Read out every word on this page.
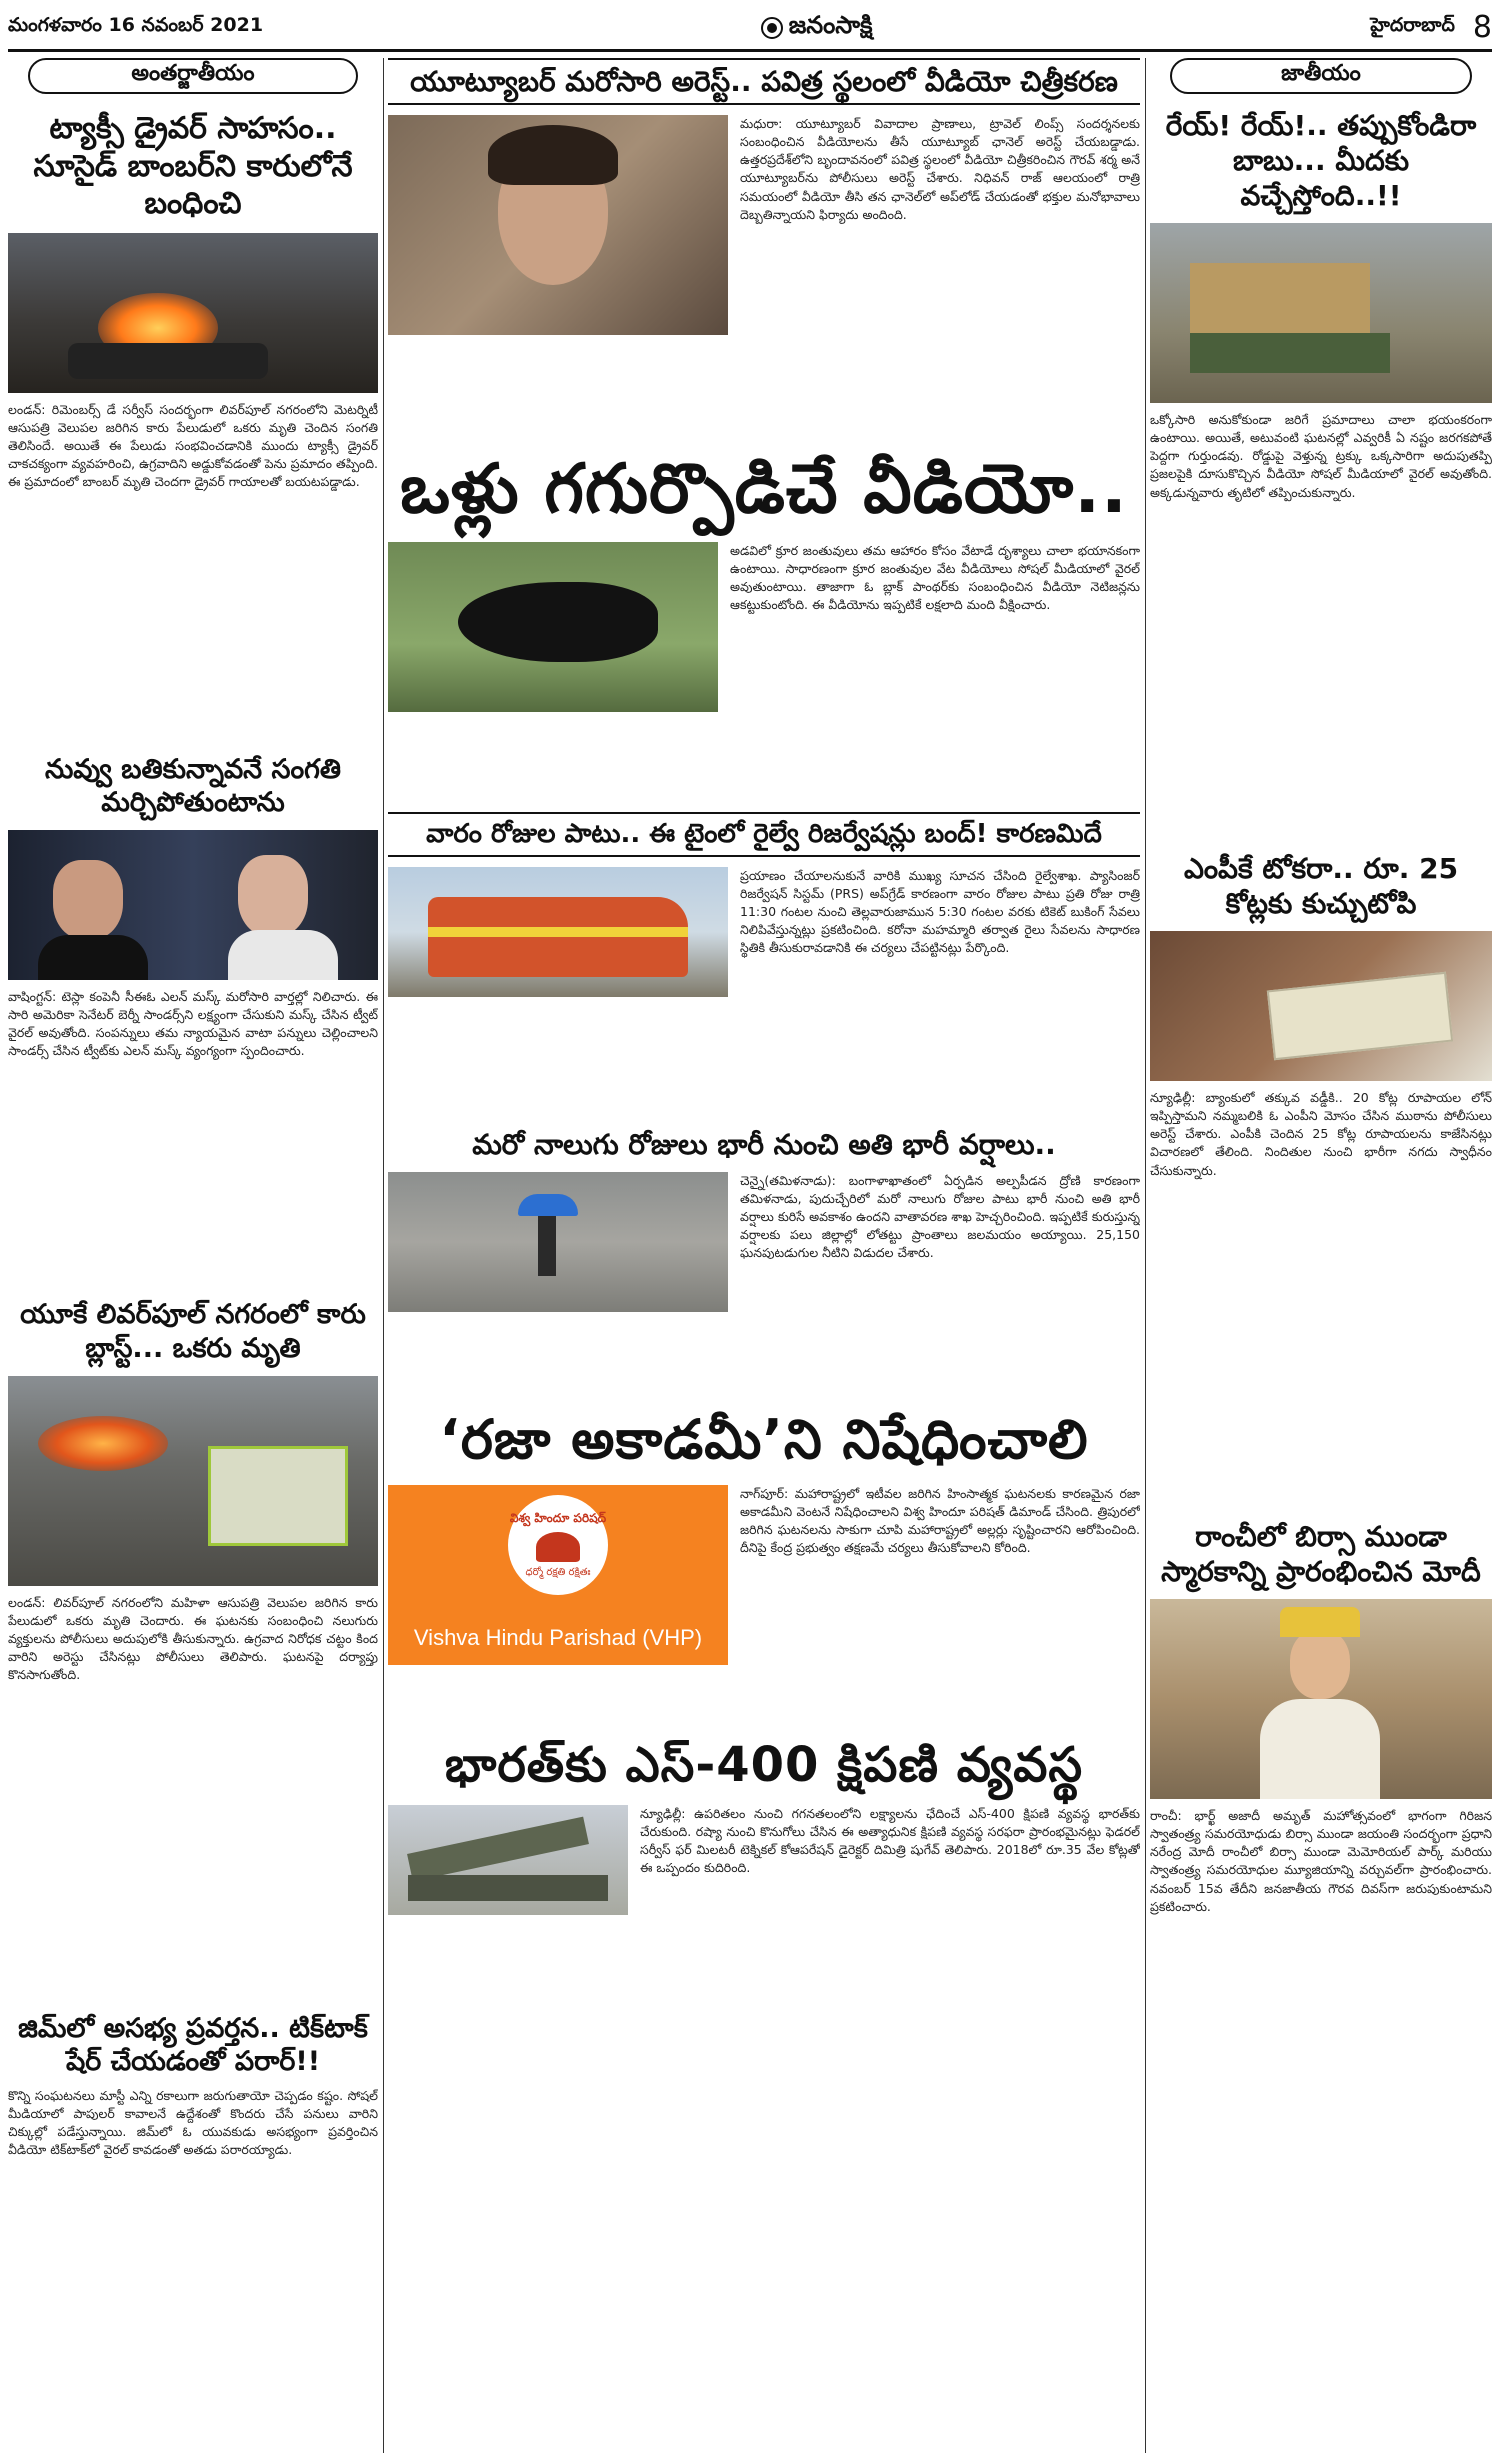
మంగళవారం 16 నవంబర్ 2021	జనంసాక్షి	హైదరాబాద్ 8
అంతర్జాతీయం
ట్యాక్సీ డ్రైవర్ సాహసం.. సూసైడ్ బాంబర్‌ని కారులోనే బంధించి
లండన్: రిమెంబర్స్ డే సర్వీస్ సందర్భంగా లివర్‌పూల్ నగరంలోని మెటర్నిటీ ఆసుపత్రి వెలుపల జరిగిన కారు పేలుడులో ఒకరు మృతి చెందిన సంగతి తెలిసిందే. అయితే ఈ పేలుడు సంభవించడానికి ముందు ట్యాక్సీ డ్రైవర్ చాకచక్యంగా వ్యవహరించి, ఉగ్రవాదిని అడ్డుకోవడంతో పెను ప్రమాదం తప్పింది. ఈ ప్రమాదంలో బాంబర్ మృతి చెందగా డ్రైవర్ గాయాలతో బయటపడ్డాడు.
నువ్వు బతికున్నావనే సంగతి మర్చిపోతుంటాను
వాషింగ్టన్: టెస్లా కంపెనీ సీఈఓ ఎలన్ మస్క్ మరోసారి వార్తల్లో నిలిచారు. ఈ సారి అమెరికా సెనేటర్ బెర్నీ సాండర్స్‌ని లక్ష్యంగా చేసుకుని మస్క్ చేసిన ట్వీట్ వైరల్ అవుతోంది. సంపన్నులు తమ న్యాయమైన వాటా పన్నులు చెల్లించాలని సాండర్స్ చేసిన ట్వీట్‌కు ఎలన్ మస్క్ వ్యంగ్యంగా స్పందించారు.
యూకే లివర్‌పూల్ నగరంలో కారు బ్లాస్ట్... ఒకరు మృతి
లండన్: లివర్‌పూల్ నగరంలోని మహిళా ఆసుపత్రి వెలుపల జరిగిన కారు పేలుడులో ఒకరు మృతి చెందారు. ఈ ఘటనకు సంబంధించి నలుగురు వ్యక్తులను పోలీసులు అదుపులోకి తీసుకున్నారు. ఉగ్రవాద నిరోధక చట్టం కింద వారిని అరెస్టు చేసినట్లు పోలీసులు తెలిపారు. ఘటనపై దర్యాప్తు కొనసాగుతోంది.
జిమ్‌లో అసభ్య ప్రవర్తన.. టిక్‌టాక్ షేర్ చేయడంతో పరార్!!
కొన్ని సంఘటనలు మాస్టీ ఎన్ని రకాలుగా జరుగుతాయో చెప్పడం కష్టం. సోషల్ మీడియాలో పాపులర్ కావాలనే ఉద్దేశంతో కొందరు చేసే పనులు వారిని చిక్కుల్లో పడేస్తున్నాయి. జిమ్‌లో ఓ యువకుడు అసభ్యంగా ప్రవర్తించిన వీడియో టిక్‌టాక్‌లో వైరల్ కావడంతో అతడు పరారయ్యాడు.
యూట్యూబర్ మరోసారి అరెస్ట్.. పవిత్ర స్థలంలో వీడియో చిత్రీకరణ
మధురా: యూట్యూబర్ వివాదాల ప్రాణాలు, ట్రావెల్ లింప్స్ సందర్శనలకు సంబంధించిన వీడియోలను తీసే యూట్యూబ్ ఛానెల్ అరెస్ట్ చేయబడ్డాడు. ఉత్తరప్రదేశ్‌లోని బృందావనంలో పవిత్ర స్థలంలో వీడియో చిత్రీకరించిన గౌరవ్ శర్మ అనే యూట్యూబర్‌ను పోలీసులు అరెస్ట్ చేశారు. నిధివన్ రాజ్ ఆలయంలో రాత్రి సమయంలో వీడియో తీసి తన ఛానెల్‌లో అప్‌లోడ్ చేయడంతో భక్తుల మనోభావాలు దెబ్బతిన్నాయని ఫిర్యాదు అందింది.
ఒళ్లు గగుర్పొడిచే వీడియో..
అడవిలో క్రూర జంతువులు తమ ఆహారం కోసం వేటాడే దృశ్యాలు చాలా భయానకంగా ఉంటాయి. సాధారణంగా క్రూర జంతువుల వేట వీడియోలు సోషల్ మీడియాలో వైరల్ అవుతుంటాయి. తాజాగా ఓ బ్లాక్ పాంథర్‌కు సంబంధించిన వీడియో నెటిజన్లను ఆకట్టుకుంటోంది. ఈ వీడియోను ఇప్పటికే లక్షలాది మంది వీక్షించారు.
వారం రోజుల పాటు.. ఈ టైంలో రైల్వే రిజర్వేషన్లు బంద్! కారణమిదే
ప్రయాణం చేయాలనుకునే వారికి ముఖ్య సూచన చేసింది రైల్వేశాఖ. ప్యాసింజర్ రిజర్వేషన్ సిస్టమ్ (PRS) అప్‌గ్రేడ్ కారణంగా వారం రోజుల పాటు ప్రతి రోజు రాత్రి 11:30 గంటల నుంచి తెల్లవారుజామున 5:30 గంటల వరకు టికెట్ బుకింగ్ సేవలు నిలిపివేస్తున్నట్లు ప్రకటించింది. కరోనా మహమ్మారి తర్వాత రైలు సేవలను సాధారణ స్థితికి తీసుకురావడానికి ఈ చర్యలు చేపట్టినట్లు పేర్కొంది.
మరో నాలుగు రోజులు భారీ నుంచి అతి భారీ వర్షాలు..
చెన్నై(తమిళనాడు): బంగాళాఖాతంలో ఏర్పడిన అల్పపీడన ద్రోణి కారణంగా తమిళనాడు, పుదుచ్చేరిలో మరో నాలుగు రోజుల పాటు భారీ నుంచి అతి భారీ వర్షాలు కురిసే అవకాశం ఉందని వాతావరణ శాఖ హెచ్చరించింది. ఇప్పటికే కురుస్తున్న వర్షాలకు పలు జిల్లాల్లో లోతట్టు ప్రాంతాలు జలమయం అయ్యాయి. 25,150 ఘనపుటడుగుల నీటిని విడుదల చేశారు.
‘రజా అకాడమీ’ని నిషేధించాలి
విశ్వ హిందూ పరిషద్
ధర్మో రక్షతి రక్షితః
Vishva Hindu Parishad (VHP)
నాగ్‌పూర్: మహారాష్ట్రలో ఇటీవల జరిగిన హింసాత్మక ఘటనలకు కారణమైన రజా అకాడమీని వెంటనే నిషేధించాలని విశ్వ హిందూ పరిషత్ డిమాండ్ చేసింది. త్రిపురలో జరిగిన ఘటనలను సాకుగా చూపి మహారాష్ట్రలో అల్లర్లు సృష్టించారని ఆరోపించింది. దీనిపై కేంద్ర ప్రభుత్వం తక్షణమే చర్యలు తీసుకోవాలని కోరింది.
భారత్‌కు ఎస్-400 క్షిపణి వ్యవస్థ
న్యూఢిల్లీ: ఉపరితలం నుంచి గగనతలంలోని లక్ష్యాలను ఛేదించే ఎస్-400 క్షిపణి వ్యవస్థ భారత్‌కు చేరుకుంది. రష్యా నుంచి కొనుగోలు చేసిన ఈ అత్యాధునిక క్షిపణి వ్యవస్థ సరఫరా ప్రారంభమైనట్లు ఫెడరల్ సర్వీస్ ఫర్ మిలటరీ టెక్నికల్ కోఆపరేషన్ డైరెక్టర్ దిమిత్రి షుగేవ్ తెలిపారు. 2018లో రూ.35 వేల కోట్లతో ఈ ఒప్పందం కుదిరింది.
జాతీయం
రేయ్! రేయ్!.. తప్పుకోండిరా బాబు... మీదకు వచ్చేస్తోంది..!!
ఒక్కోసారి అనుకోకుండా జరిగే ప్రమాదాలు చాలా భయంకరంగా ఉంటాయి. అయితే, అటువంటి ఘటనల్లో ఎవ్వరికీ ఏ నష్టం జరగకపోతే పెద్దగా గుర్తుండవు. రోడ్డుపై వెళ్తున్న ట్రక్కు ఒక్కసారిగా అదుపుతప్పి ప్రజలపైకి దూసుకొచ్చిన వీడియో సోషల్ మీడియాలో వైరల్ అవుతోంది. అక్కడున్నవారు తృటిలో తప్పించుకున్నారు.
ఎంపీకే టోకరా.. రూ. 25 కోట్లకు కుచ్చుటోపి
న్యూఢిల్లీ: బ్యాంకులో తక్కువ వడ్డీకి.. 20 కోట్ల రూపాయల లోన్ ఇప్పిస్తామని నమ్మబలికి ఓ ఎంపీని మోసం చేసిన ముఠాను పోలీసులు అరెస్ట్ చేశారు. ఎంపీకి చెందిన 25 కోట్ల రూపాయలను కాజేసినట్లు విచారణలో తేలింది. నిందితుల నుంచి భారీగా నగదు స్వాధీనం చేసుకున్నారు.
రాంచీలో బిర్సా ముండా స్మారకాన్ని ప్రారంభించిన మోదీ
రాంచీ: భార్ఖ్ అజాదీ అమృత్ మహోత్సవంలో భాగంగా గిరిజన స్వాతంత్ర్య సమరయోధుడు బిర్సా ముండా జయంతి సందర్భంగా ప్రధాని నరేంద్ర మోదీ రాంచీలో బిర్సా ముండా మెమోరియల్ పార్క్ మరియు స్వాతంత్ర్య సమరయోధుల మ్యూజియాన్ని వర్చువల్‌గా ప్రారంభించారు. నవంబర్ 15వ తేదీని జనజాతీయ గౌరవ దివస్‌గా జరుపుకుంటామని ప్రకటించారు.
